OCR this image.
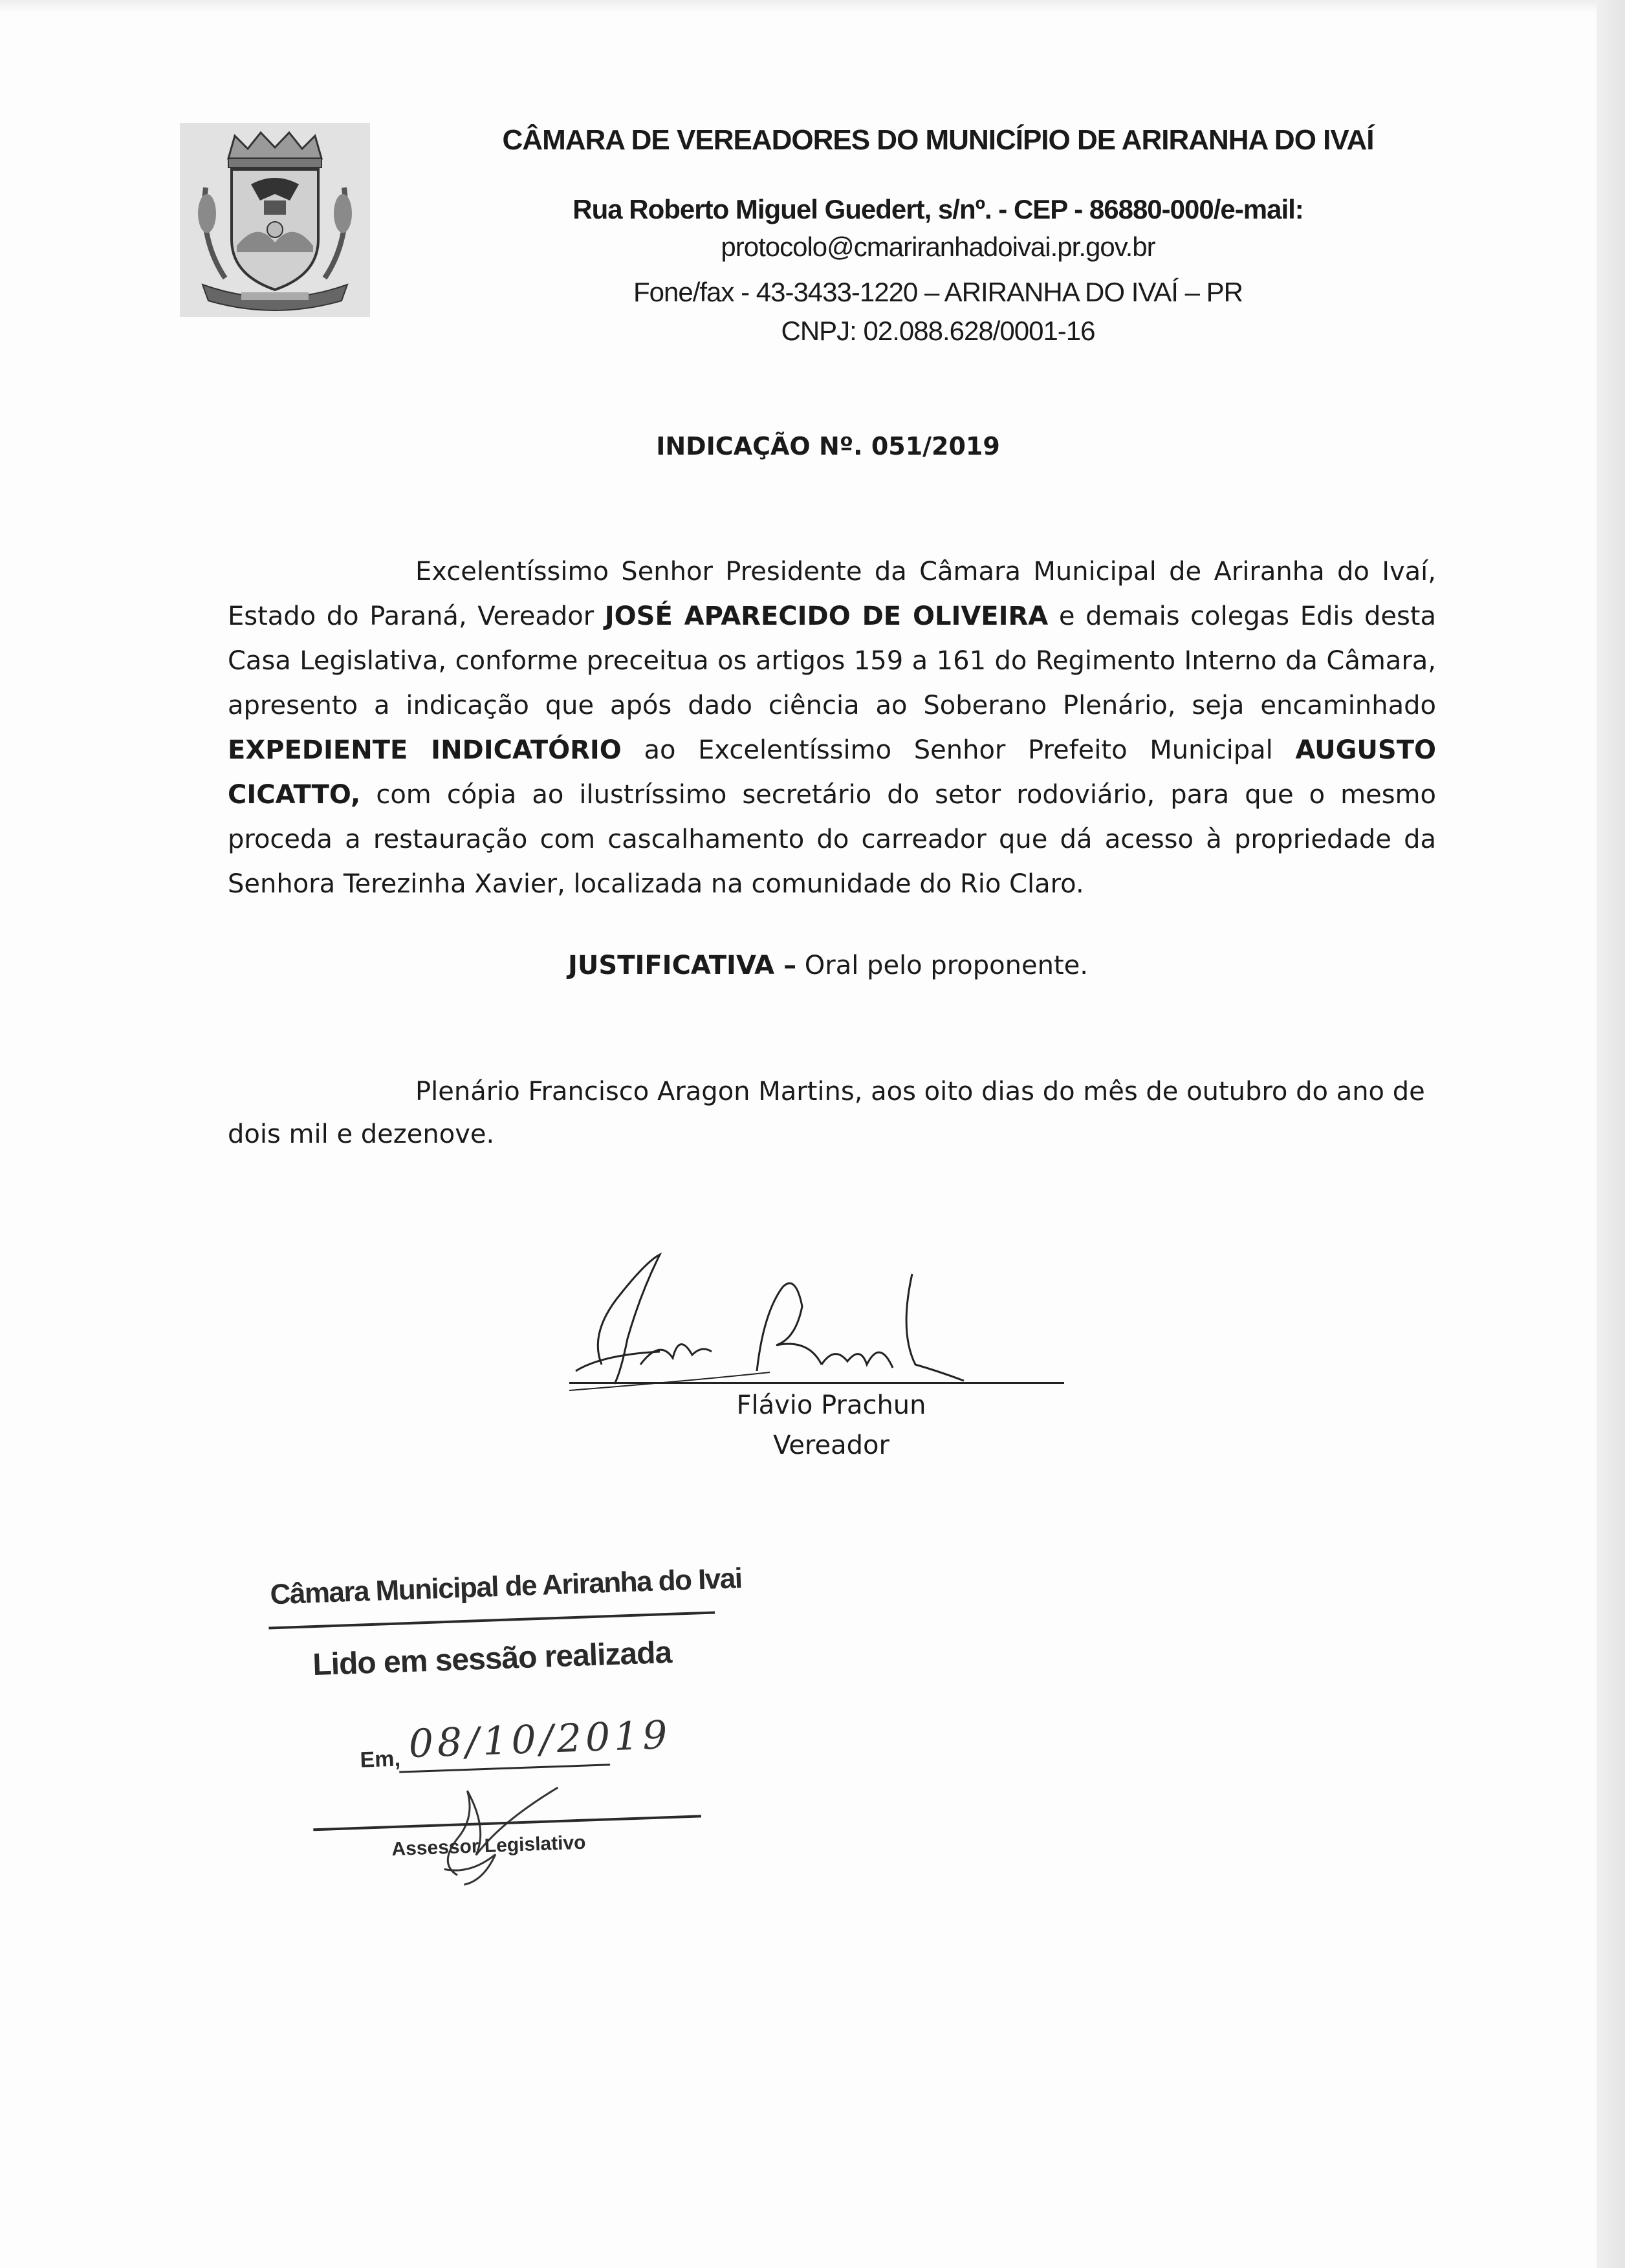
CÂMARA DE VEREADORES DO MUNICÍPIO DE ARIRANHA DO IVAÍ
Rua Roberto Miguel Guedert, s/nº. - CEP - 86880-000/e-mail:
protocolo@cmariranhadoivai.pr.gov.br
Fone/fax - 43-3433-1220 – ARIRANHA DO IVAÍ – PR
CNPJ: 02.088.628/0001-16
INDICAÇÃO Nº. 051/2019
Excelentíssimo Senhor Presidente da Câmara Municipal de Ariranha do Ivaí, Estado do Paraná, Vereador JOSÉ APARECIDO DE OLIVEIRA e demais colegas Edis desta Casa Legislativa, conforme preceitua os artigos 159 a 161 do Regimento Interno da Câmara, apresento a indicação que após dado ciência ao Soberano Plenário, seja encaminhado EXPEDIENTE INDICATÓRIO ao Excelentíssimo Senhor Prefeito Municipal AUGUSTO CICATTO, com cópia ao ilustríssimo secretário do setor rodoviário, para que o mesmo proceda a restauração com cascalhamento do carreador que dá acesso à propriedade da Senhora Terezinha Xavier, localizada na comunidade do Rio Claro.
JUSTIFICATIVA – Oral pelo proponente.
Plenário Francisco Aragon Martins, aos oito dias do mês de outubro do ano de dois mil e dezenove.
Flávio Prachun
Vereador
Câmara Municipal de Ariranha do Ivai
Lido em sessão realizada
Em, 08/10/2019
Assessor Legislativo
